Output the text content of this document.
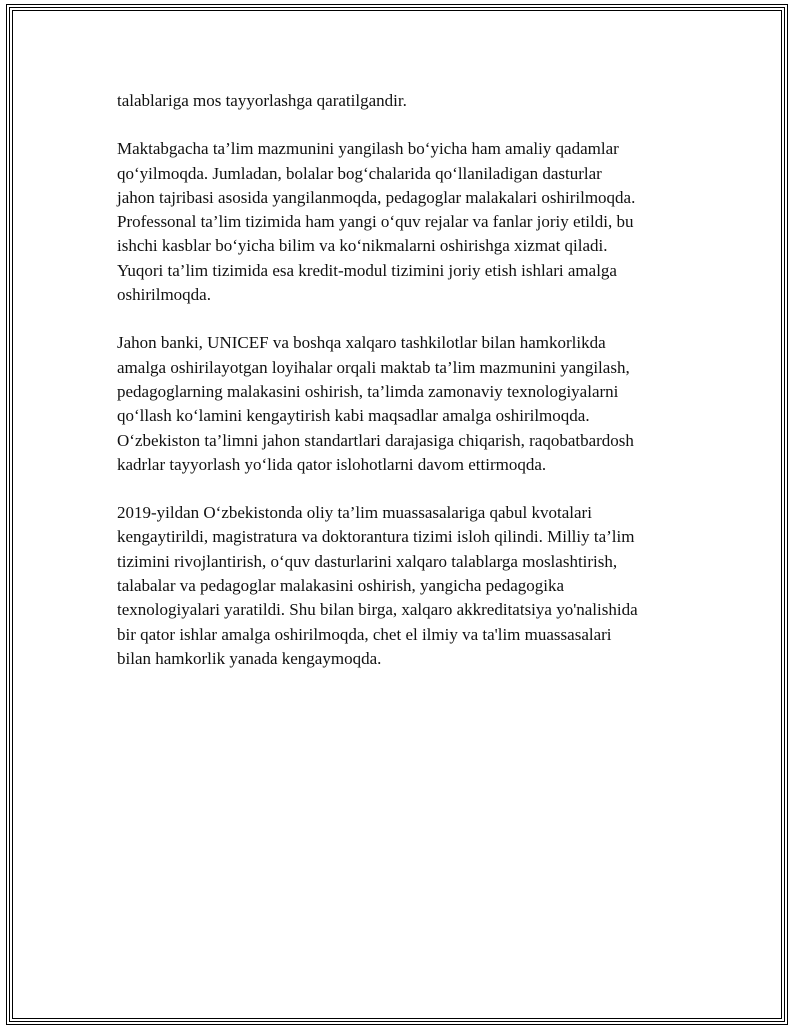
talablariga mos tayyorlashga qaratilgandir.

Maktabgacha ta’lim mazmunini yangilash bo‘yicha ham amaliy qadamlar
qo‘yilmoqda. Jumladan, bolalar bog‘chalarida qo‘llaniladigan dasturlar
jahon tajribasi asosida yangilanmoqda, pedagoglar malakalari oshirilmoqda.
Professonal ta’lim tizimida ham yangi o‘quv rejalar va fanlar joriy etildi, bu
ishchi kasblar bo‘yicha bilim va ko‘nikmalarni oshirishga xizmat qiladi.
Yuqori ta’lim tizimida esa kredit-modul tizimini joriy etish ishlari amalga
oshirilmoqda.

Jahon banki, UNICEF va boshqa xalqaro tashkilotlar bilan hamkorlikda
amalga oshirilayotgan loyihalar orqali maktab ta’lim mazmunini yangilash,
pedagoglarning malakasini oshirish, ta’limda zamonaviy texnologiyalarni
qo‘llash ko‘lamini kengaytirish kabi maqsadlar amalga oshirilmoqda.
O‘zbekiston ta’limni jahon standartlari darajasiga chiqarish, raqobatbardosh
kadrlar tayyorlash yo‘lida qator islohotlarni davom ettirmoqda.

2019-yildan O‘zbekistonda oliy ta’lim muassasalariga qabul kvotalari
kengaytirildi, magistratura va doktorantura tizimi isloh qilindi. Milliy ta’lim
tizimini rivojlantirish, o‘quv dasturlarini xalqaro talablarga moslashtirish,
talabalar va pedagoglar malakasini oshirish, yangicha pedagogika
texnologiyalari yaratildi. Shu bilan birga, xalqaro akkreditatsiya yo'nalishida
bir qator ishlar amalga oshirilmoqda, chet el ilmiy va ta'lim muassasalari
bilan hamkorlik yanada kengaymoqda.
